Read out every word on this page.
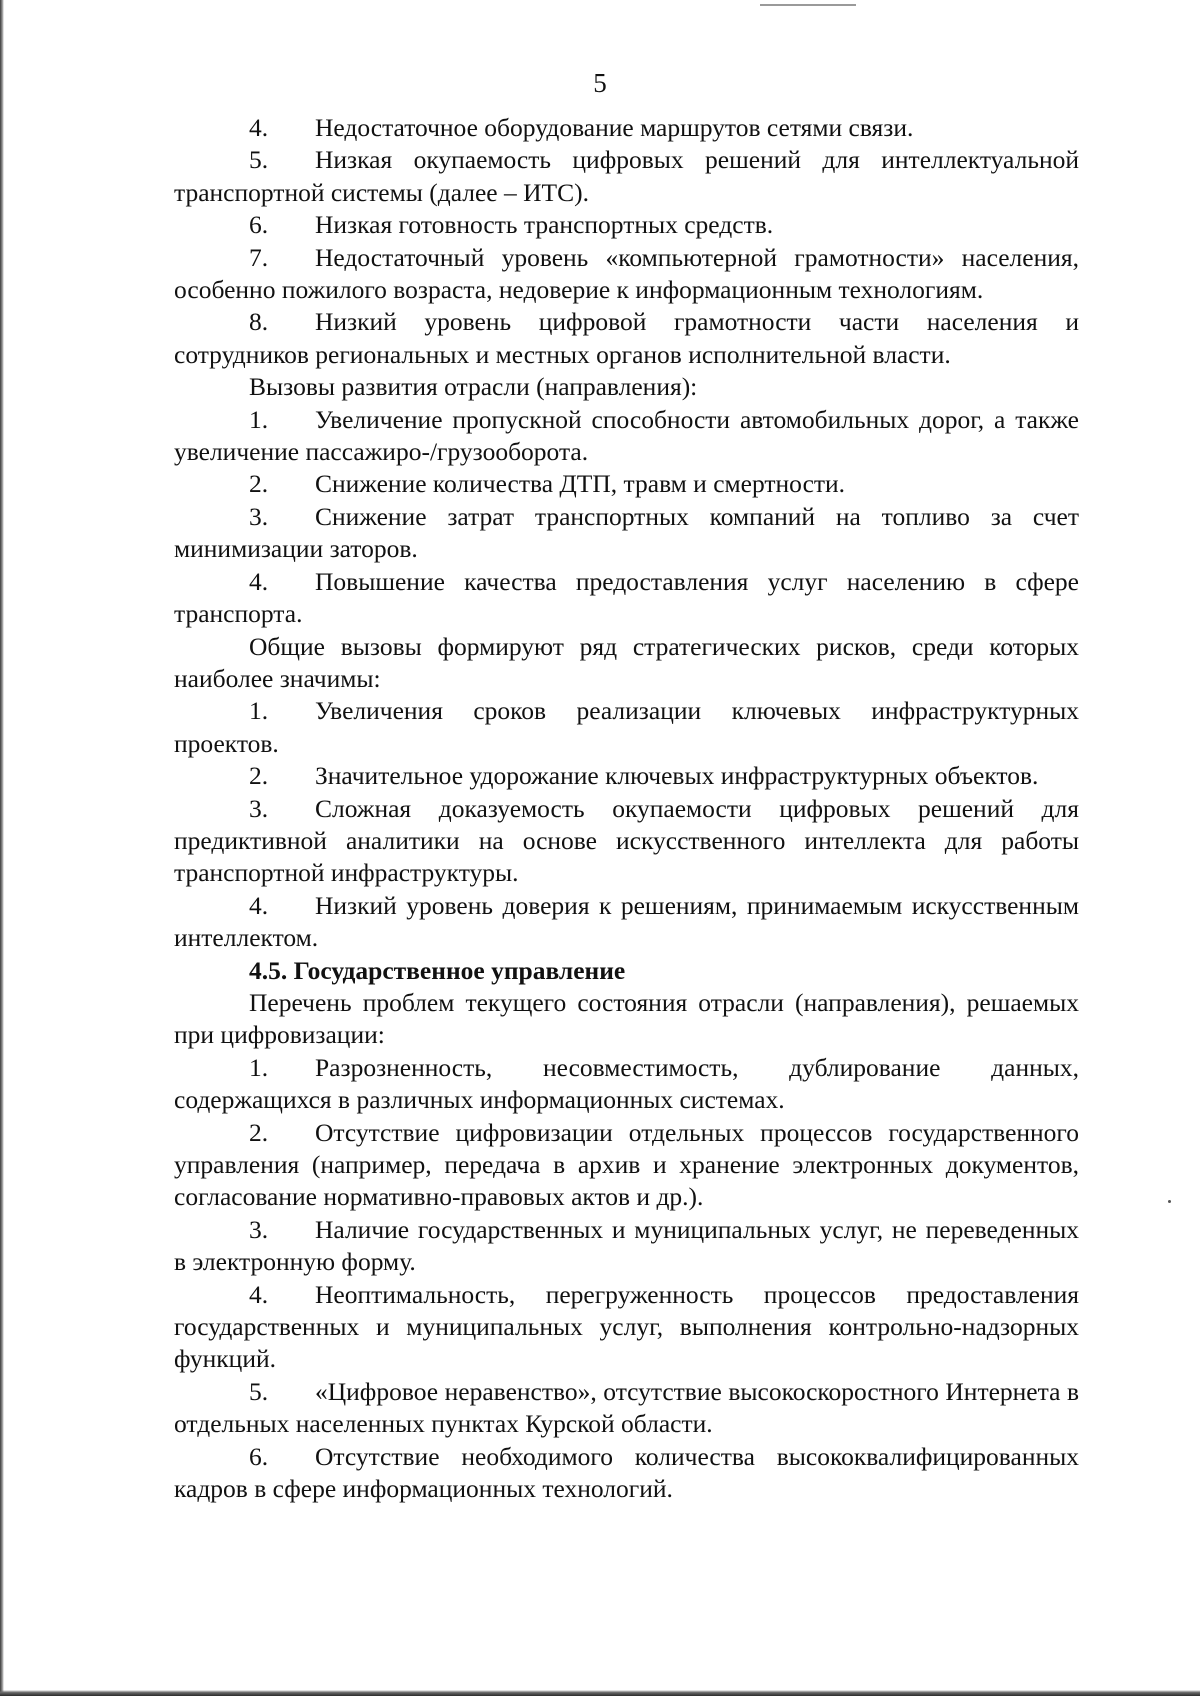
5

4. Недостаточное оборудование маршрутов сетями связи.

5. Низкая окупаемость цифровых решений для интеллектуальной транспортной системы (далее – ИТС).

6. Низкая готовность транспортных средств.

7. Недостаточный уровень «компьютерной грамотности» населения, особенно пожилого возраста, недоверие к информационным технологиям.

8. Низкий уровень цифровой грамотности части населения и сотрудников региональных и местных органов исполнительной власти.

Вызовы развития отрасли (направления):

1. Увеличение пропускной способности автомобильных дорог, а также увеличение пассажиро-/грузооборота.

2. Снижение количества ДТП, травм и смертности.

3. Снижение затрат транспортных компаний на топливо за счет минимизации заторов.

4. Повышение качества предоставления услуг населению в сфере транспорта.

Общие вызовы формируют ряд стратегических рисков, среди которых наиболее значимы:

1. Увеличения сроков реализации ключевых инфраструктурных проектов.

2. Значительное удорожание ключевых инфраструктурных объектов.

3. Сложная доказуемость окупаемости цифровых решений для предиктивной аналитики на основе искусственного интеллекта для работы транспортной инфраструктуры.

4. Низкий уровень доверия к решениям, принимаемым искусственным интеллектом.

4.5. Государственное управление

Перечень проблем текущего состояния отрасли (направления), решаемых при цифровизации:

1. Разрозненность, несовместимость, дублирование данных, содержащихся в различных информационных системах.

2. Отсутствие цифровизации отдельных процессов государственного управления (например, передача в архив и хранение электронных документов, согласование нормативно-правовых актов и др.).

3. Наличие государственных и муниципальных услуг, не переведенных в электронную форму.

4. Неоптимальность, перегруженность процессов предоставления государственных и муниципальных услуг, выполнения контрольно-надзорных функций.

5. «Цифровое неравенство», отсутствие высокоскоростного Интернета в отдельных населенных пунктах Курской области.

6. Отсутствие необходимого количества высококвалифицированных кадров в сфере информационных технологий.
